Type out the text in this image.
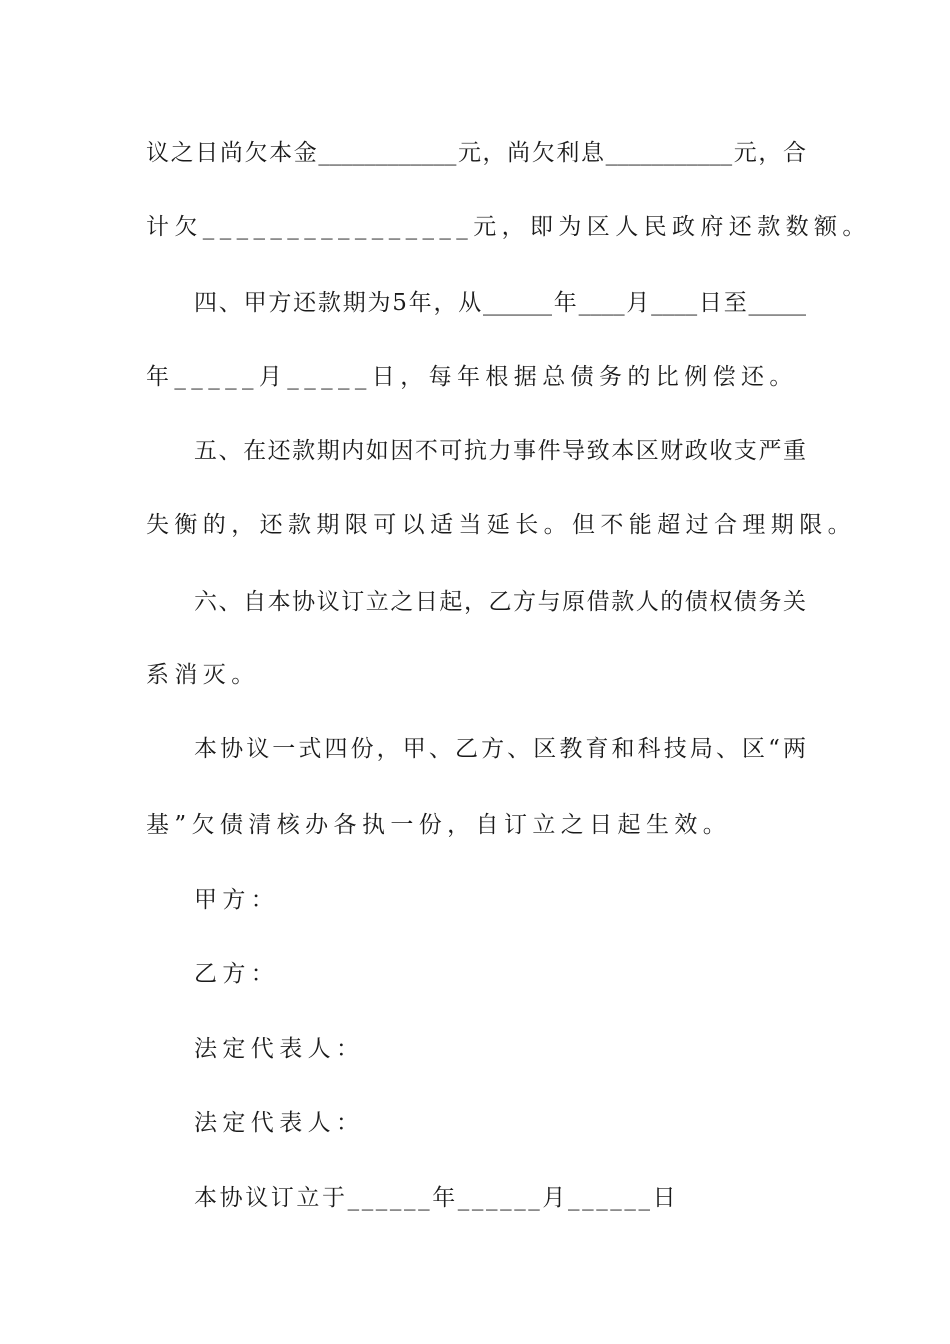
议之日尚欠本金____________元，尚欠利息___________元，合
计欠________________元，即为区人民政府还款数额。
四、甲方还款期为5年，从______年____月____日至_____
年_____月_____日，每年根据总债务的比例偿还。
五、在还款期内如因不可抗力事件导致本区财政收支严重
失衡的，还款期限可以适当延长。但不能超过合理期限。
六、自本协议订立之日起，乙方与原借款人的债权债务关
系消灭。
本协议一式四份，甲、乙方、区教育和科技局、区“两
基”欠债清核办各执一份，自订立之日起生效。
甲方：
乙方：
法定代表人：
法定代表人：
本协议订立于______年______月______日
